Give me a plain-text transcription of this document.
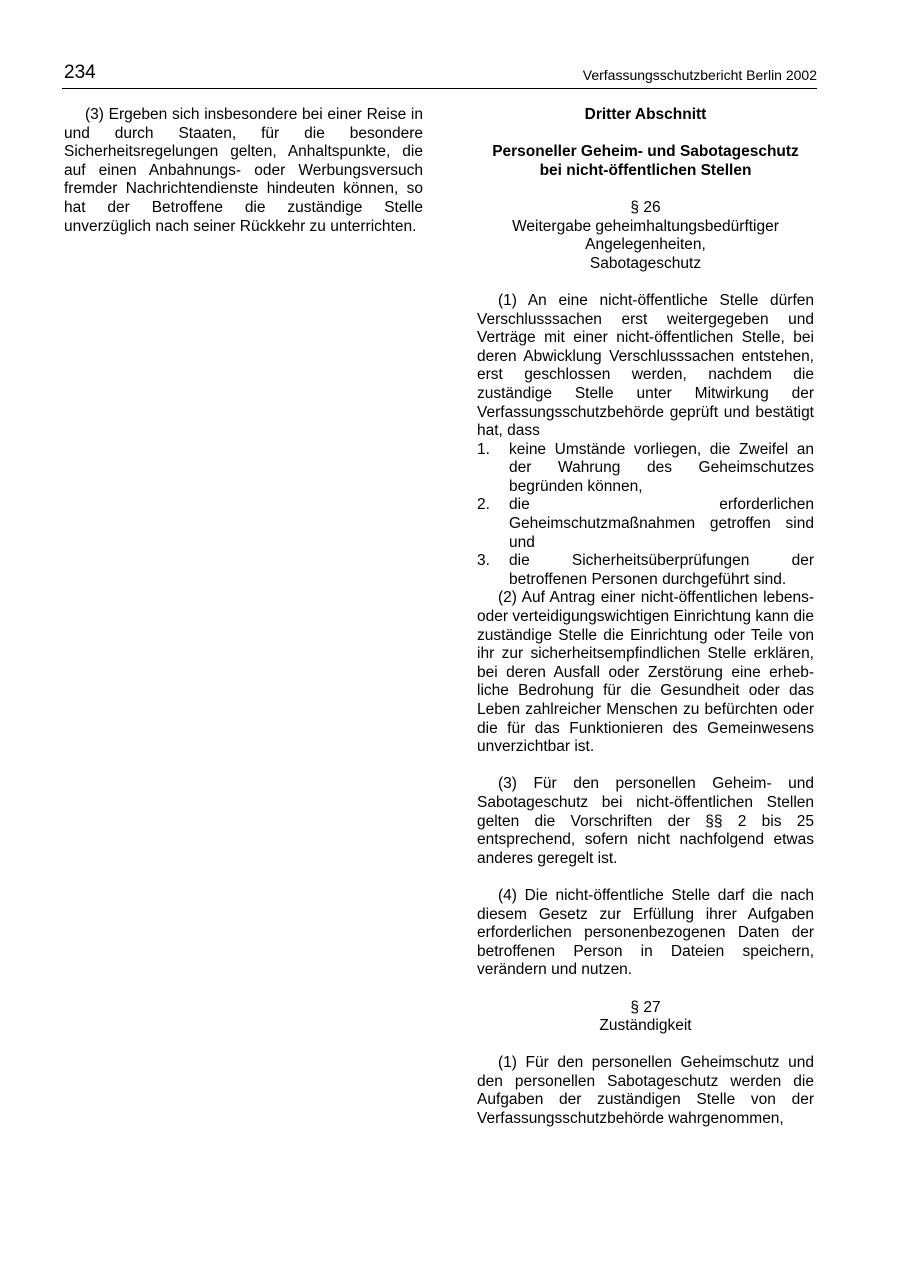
234	Verfassungsschutzbericht Berlin 2002

(3) Ergeben sich insbesondere bei einer Reise in und durch Staaten, für die besondere Sicherheitsregelungen gelten, Anhaltspunkte, die auf einen Anbahnungs- oder Werbungsversuch fremder Nachrichtendienste hindeuten können, so hat der Betroffene die zuständige Stelle unverzüglich nach seiner Rückkehr zu unterrichten.

Dritter Abschnitt
Personeller Geheim- und Sabotageschutz
bei nicht-öffentlichen Stellen
§ 26
Weitergabe geheimhaltungsbedürftiger
Angelegenheiten,
Sabotageschutz

(1) An eine nicht-öffentliche Stelle dürfen Verschlusssachen erst weitergegeben und Verträge mit einer nicht-öffentlichen Stelle, bei deren Abwicklung Verschlusssachen entstehen, erst geschlossen werden, nachdem die zuständige Stelle unter Mitwirkung der Verfassungsschutzbehörde geprüft und bestätigt hat, dass

1. keine Umstände vorliegen, die Zweifel an der Wahrung des Geheimschutzes begründen können,
2. die erforderlichen Geheimschutzmaßnahmen getroffen sind und
3. die Sicherheitsüberprüfungen der betroffenen Personen durchgeführt sind.

(2) Auf Antrag einer nicht-öffentlichen lebens- oder verteidigungswichtigen Einrichtung kann die zuständige Stelle die Einrichtung oder Teile von ihr zur sicherheitsempfindlichen Stelle erklären, bei deren Ausfall oder Zerstörung eine erhebliche Bedrohung für die Gesundheit oder das Leben zahlreicher Menschen zu befürchten oder die für das Funktionieren des Gemeinwesens unverzichtbar ist.

(3) Für den personellen Geheim- und Sabotageschutz bei nicht-öffentlichen Stellen gelten die Vorschriften der §§ 2 bis 25 entsprechend, sofern nicht nachfolgend etwas anderes geregelt ist.

(4) Die nicht-öffentliche Stelle darf die nach diesem Gesetz zur Erfüllung ihrer Aufgaben erforderlichen personenbezogenen Daten der betroffenen Person in Dateien speichern, verändern und nutzen.

§ 27
Zuständigkeit

(1) Für den personellen Geheimschutz und den personellen Sabotageschutz werden die Aufgaben der zuständigen Stelle von der Verfassungsschutzbehörde wahrgenommen,
